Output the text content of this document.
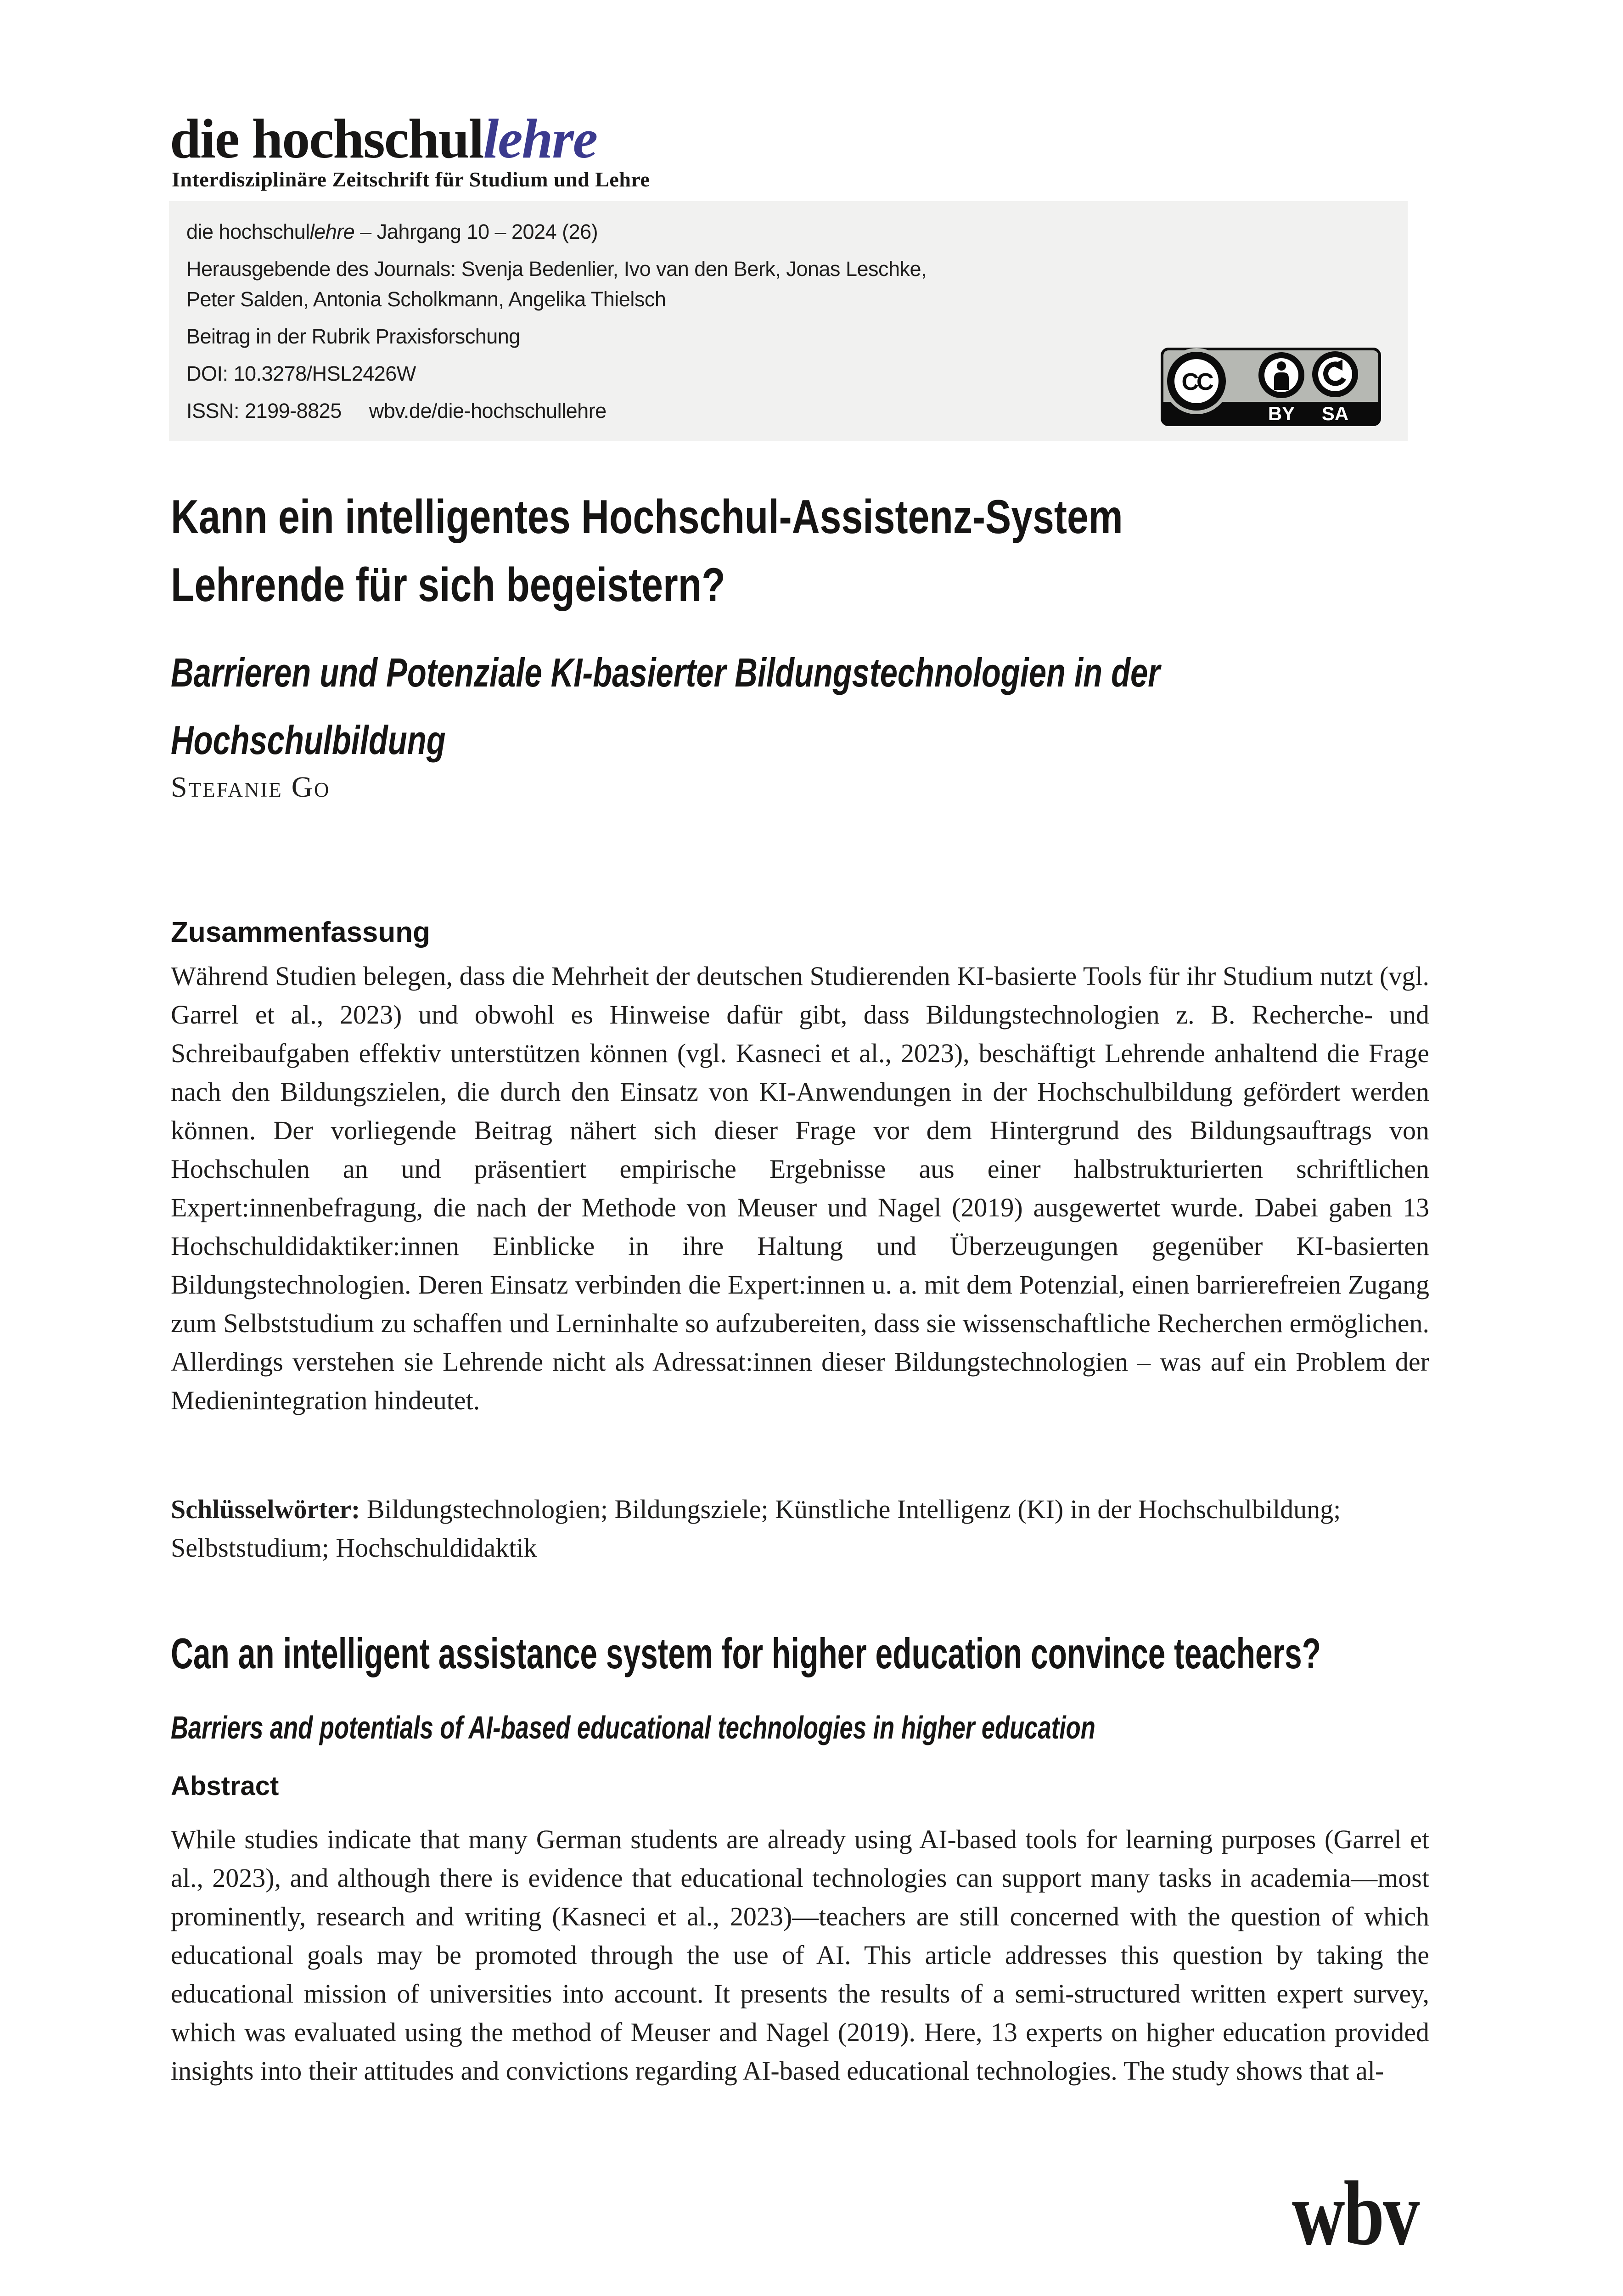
die hochschullehre
Interdisziplinäre Zeitschrift für Studium und Lehre
die hochschullehre – Jahrgang 10 – 2024 (26)
Herausgebende des Journals: Svenja Bedenlier, Ivo van den Berk, Jonas Leschke,
Peter Salden, Antonia Scholkmann, Angelika Thielsch
Beitrag in der Rubrik Praxisforschung
DOI: 10.3278/HSL2426W
ISSN: 2199-8825 wbv.de/die-hochschullehre
CC
BY SA
Kann ein intelligentes Hochschul-Assistenz-System
Lehrende für sich begeistern?
Barrieren und Potenziale KI-basierter Bildungstechnologien in der Hochschulbildung
Stefanie Go
Zusammenfassung

Während Studien belegen, dass die Mehrheit der deutschen Studierenden KI-basierte Tools für ihr Studium nutzt (vgl. Garrel et al., 2023) und obwohl es Hinweise dafür gibt, dass Bildungstechnologien z. B. Recherche- und Schreibaufgaben effektiv unterstützen können (vgl. Kasneci et al., 2023), beschäftigt Lehrende anhaltend die Frage nach den Bildungszielen, die durch den Einsatz von KI-Anwendungen in der Hochschulbildung gefördert werden können. Der vorliegende Beitrag nähert sich dieser Frage vor dem Hintergrund des Bildungsauftrags von Hochschulen an und präsentiert empirische Ergebnisse aus einer halbstrukturierten schriftlichen Expert:innenbefragung, die nach der Methode von Meuser und Nagel (2019) ausgewertet wurde. Dabei gaben 13 Hochschuldidaktiker:innen Einblicke in ihre Haltung und Überzeugungen gegenüber KI-basierten Bildungstechnologien. Deren Einsatz verbinden die Expert:innen u. a. mit dem Potenzial, einen barrierefreien Zugang zum Selbststudium zu schaffen und Lerninhalte so aufzubereiten, dass sie wissenschaftliche Recherchen ermöglichen. Allerdings verstehen sie Lehrende nicht als Adressat:innen dieser Bildungstechnologien – was auf ein Problem der Medienintegration hindeutet.

Schlüsselwörter: Bildungstechnologien; Bildungsziele; Künstliche Intelligenz (KI) in der Hochschulbildung; Selbststudium; Hochschuldidaktik

Can an intelligent assistance system for higher education convince teachers?
Barriers and potentials of AI-based educational technologies in higher education
Abstract

While studies indicate that many German students are already using AI-based tools for learning purposes (Garrel et al., 2023), and although there is evidence that educational technologies can support many tasks in academia—most prominently, research and writing (Kasneci et al., 2023)—teachers are still concerned with the question of which educational goals may be promoted through the use of AI. This article addresses this question by taking the educational mission of universities into account. It presents the results of a semi-structured written expert survey, which was evaluated using the method of Meuser and Nagel (2019). Here, 13 experts on higher education provided insights into their attitudes and convictions regarding AI-based educational technologies. The study shows that al-

wbv
